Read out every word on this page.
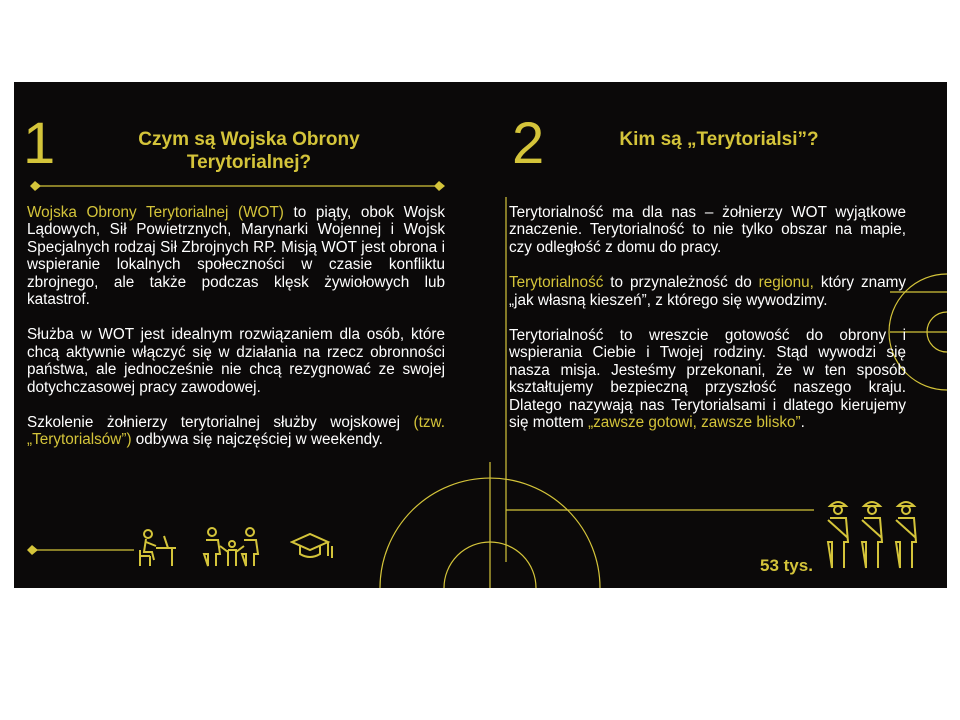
1	Czym są Wojska Obrony
Terytorialnej?

Wojska Obrony Terytorialnej (WOT) to piąty, obok Wojsk Lądowych, Sił Powietrznych, Marynarki Wojennej i Wojsk Specjalnych rodzaj Sił Zbrojnych RP. Misją WOT jest obrona i wspieranie lokalnych społeczności w czasie konfliktu zbrojnego, ale także podczas klęsk żywiołowych lub katastrof.

Służba w WOT jest idealnym rozwiązaniem dla osób, które chcą aktywnie włączyć się w działania na rzecz obronności państwa, ale jednocześnie nie chcą rezygnować ze swojej dotychczasowej pracy zawodowej.

Szkolenie żołnierzy terytorialnej służby wojskowej (tzw. „Terytorialsów”) odbywa się najczęściej w weekendy.

2	Kim są „Terytorialsi”?

Terytorialność ma dla nas – żołnierzy WOT wyjątkowe znaczenie. Terytorialność to nie tylko obszar na mapie, czy odległość z domu do pracy.

Terytorialność to przynależność do regionu, który znamy „jak własną kieszeń”, z którego się wywodzimy.

Terytorialność to wreszcie gotowość do obrony i wspierania Ciebie i Twojej rodziny. Stąd wywodzi się nasza misja. Jesteśmy przekonani, że w ten sposób kształtujemy bezpieczną przyszłość naszego kraju. Dlatego nazywają nas Terytorialsami i dlatego kierujemy się mottem „zawsze gotowi, zawsze blisko”.

53 tys.
